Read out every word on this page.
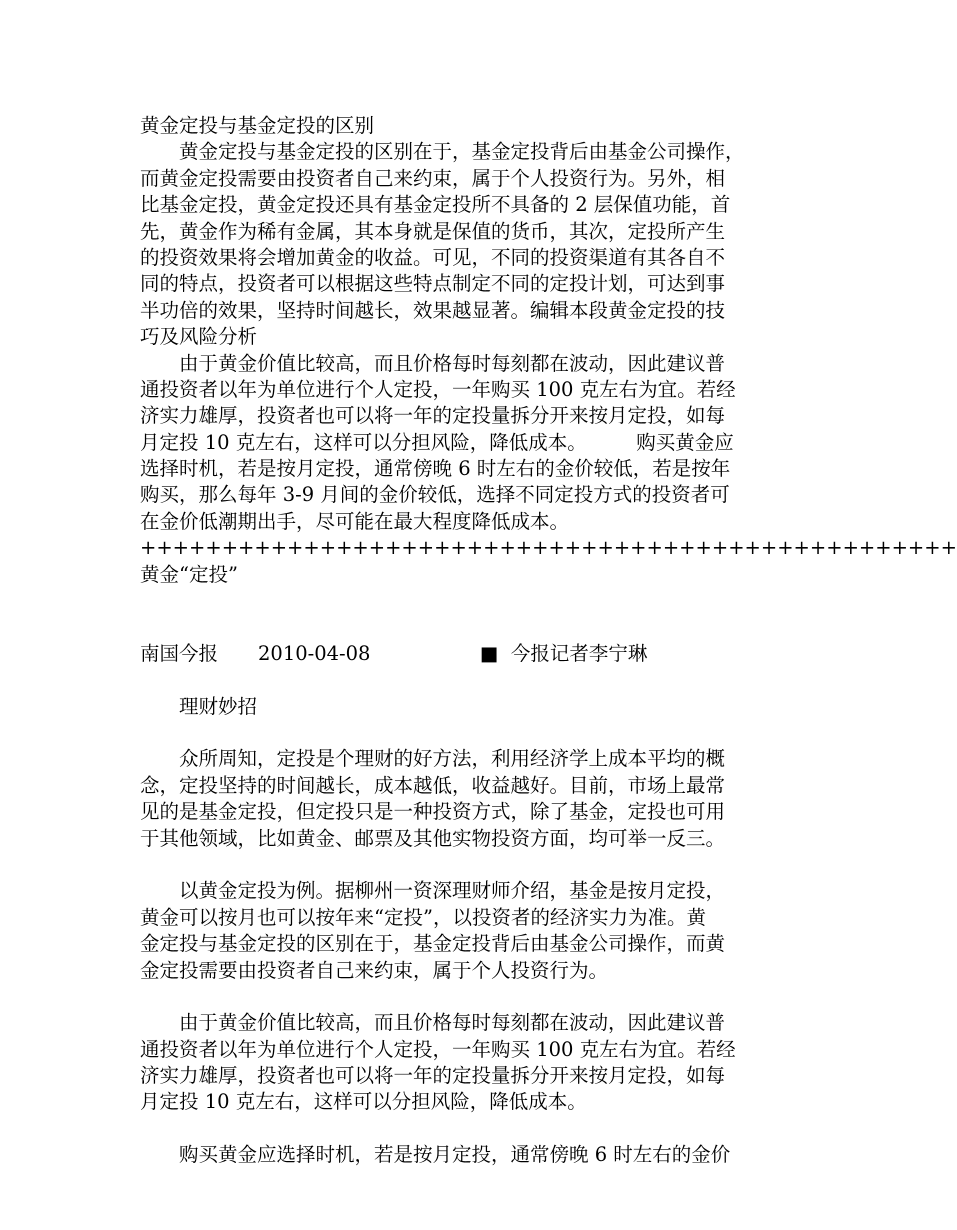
黄金定投与基金定投的区别
黄金定投与基金定投的区别在于，基金定投背后由基金公司操作，
而黄金定投需要由投资者自己来约束，属于个人投资行为。另外，相
比基金定投，黄金定投还具有基金定投所不具备的 2 层保值功能，首
先，黄金作为稀有金属，其本身就是保值的货币，其次，定投所产生
的投资效果将会增加黄金的收益。可见，不同的投资渠道有其各自不
同的特点，投资者可以根据这些特点制定不同的定投计划，可达到事
半功倍的效果，坚持时间越长，效果越显著。编辑本段黄金定投的技
巧及风险分析
由于黄金价值比较高，而且价格每时每刻都在波动，因此建议普
通投资者以年为单位进行个人定投，一年购买 100 克左右为宜。若经
济实力雄厚，投资者也可以将一年的定投量拆分开来按月定投，如每
月定投 10 克左右，这样可以分担风险，降低成本。        购买黄金应
选择时机，若是按月定投，通常傍晚 6 时左右的金价较低，若是按年
购买，那么每年 3-9 月间的金价较低，选择不同定投方式的投资者可
在金价低潮期出手，尽可能在最大程度降低成本。
++++++++++++++++++++++++++++++++++++++++++++++++++
黄金“定投”

南国今报

2010-04-08

	■  今报记者李宁琳

理财妙招
众所周知，定投是个理财的好方法，利用经济学上成本平均的概
念，定投坚持的时间越长，成本越低，收益越好。目前，市场上最常
见的是基金定投，但定投只是一种投资方式，除了基金，定投也可用
于其他领域，比如黄金、邮票及其他实物投资方面，均可举一反三。
以黄金定投为例。据柳州一资深理财师介绍，基金是按月定投，
黄金可以按月也可以按年来“定投”，以投资者的经济实力为准。黄
金定投与基金定投的区别在于，基金定投背后由基金公司操作，而黄
金定投需要由投资者自己来约束，属于个人投资行为。
由于黄金价值比较高，而且价格每时每刻都在波动，因此建议普
通投资者以年为单位进行个人定投，一年购买 100 克左右为宜。若经
济实力雄厚，投资者也可以将一年的定投量拆分开来按月定投，如每
月定投 10 克左右，这样可以分担风险，降低成本。
购买黄金应选择时机，若是按月定投，通常傍晚 6 时左右的金价
